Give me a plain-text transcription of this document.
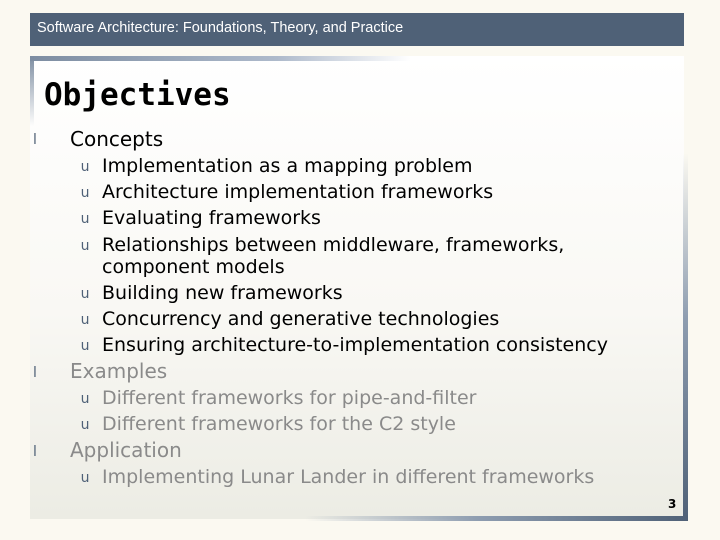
Software Architecture: Foundations, Theory, and Practice
Objectives
Concepts
l
u Implementation as a mapping problem
u Architecture implementation frameworks
u Evaluating frameworks
u Relationships between middleware, frameworks,
component models
u Building new frameworks
u Concurrency and generative technologies
u Ensuring architecture-to-implementation consistency
l Examples
u Different frameworks for pipe-and-filter
u Different frameworks for the C2 style
l Application
u Implementing Lunar Lander in different frameworks
3
